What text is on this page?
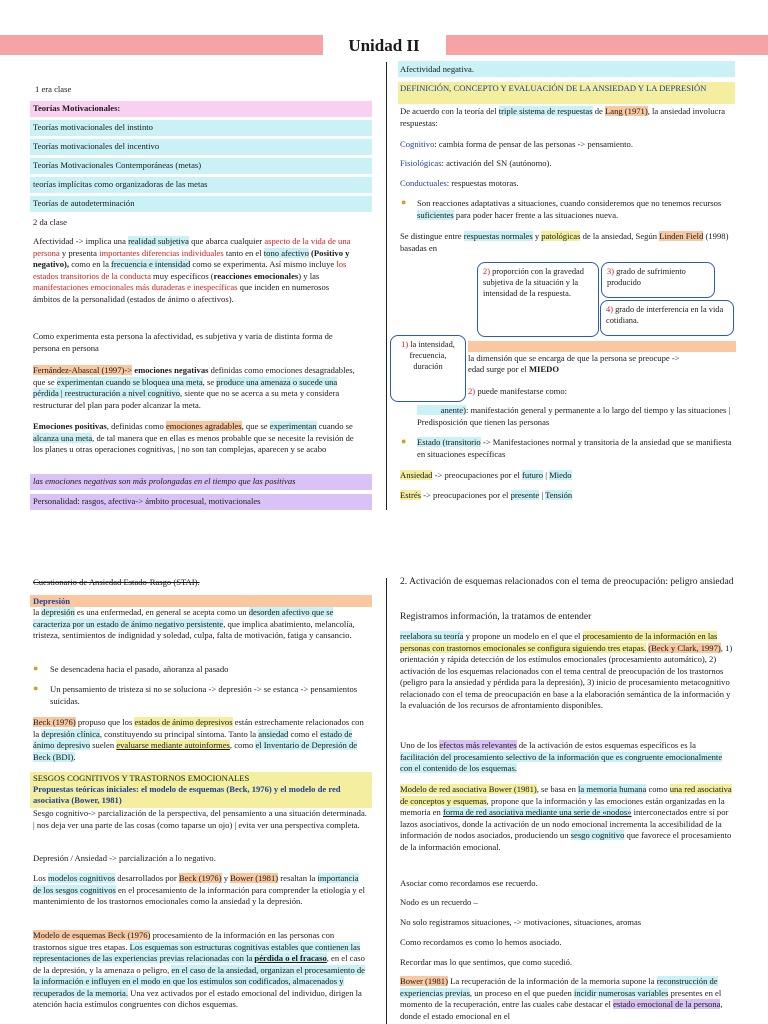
Unidad II
1 era clase
Teorías Motivacionales:
Teorías motivacionales del instinto
Teorías motivacionales del incentivo
Teorías Motivacionales Contemporáneas (metas)
teorías implícitas como organizadoras de las metas
Teorías de autodeterminación
2 da clase
Afectividad -> implica una realidad subjetiva que abarca cualquier aspecto de la vida de una persona y presenta importantes diferencias individuales tanto en el tono afectivo (Positivo y negativo), como en la frecuencia e intensidad como se experimenta. Así mismo incluye los estados transitorios de la conducta muy específicos (reacciones emocionales) y las manifestaciones emocionales más duraderas e inespecíficas que inciden en numerosos ámbitos de la personalidad (estados de ánimo o afectivos).
Como experimenta esta persona la afectividad, es subjetiva y varia de distinta forma de persona en persona
Fernández-Abascal (1997)-> emociones negativas definidas como emociones desagradables, que se experimentan cuando se bloquea una meta, se produce una amenaza o sucede una pérdida | reestructuración a nivel cognitivo, siente que no se acerca a su meta y considera restructurar del plan para poder alcanzar la meta.
Emociones positivas, definidas como emociones agradables, que se experimentan cuando se alcanza una meta, de tal manera que en ellas es menos probable que se necesite la revisión de los planes u otras operaciones cognitivas, | no son tan complejas, aparecen y se acabo
las emociones negativas son más prolongadas en el tiempo que las positivas
Personalidad: rasgos, afectiva-> ámbito procesual, motivacionales
Afectividad negativa.
DEFINICIÓN, CONCEPTO Y EVALUACIÓN DE LA ANSIEDAD Y LA DEPRESIÓN
De acuerdo con la teoría del triple sistema de respuestas de Lang (1971), la ansiedad involucra respuestas:
Cognitivo: cambia forma de pensar de las personas -> pensamiento.
Fisiológicas: activación del SN (autónomo).
Conductuales: respuestas motoras.
● Son reacciones adaptativas a situaciones, cuando consideremos que no tenemos recursos suficientes para poder hacer frente a las situaciones nueva.
Se distingue entre respuestas normales y patológicas de la ansiedad, Según Linden Field (1998) basadas en
2) proporción con la gravedad subjetiva de la situación y la intensidad de la respuesta.
3) grado de sufrimiento producido
4) grado de interferencia en la vida cotidiana.
1) la intensidad, frecuencia, duración
la dimensión que se encarga de que la persona se preocupe ->
edad surge por el MIEDO
2) puede manifestarse como:
anente): manifestación general y permanente a lo largo del tiempo y las situaciones | Predisposición que tienen las personas
● Estado (transitorio -> Manifestaciones normal y transitoria de la ansiedad que se manifiesta en situaciones específicas
Ansiedad -> preocupaciones por el futuro | Miedo
Estrés -> preocupaciones por el presente | Tensión
Cuestionario de Ansiedad Estado-Rasgo (STAI).
Depresión
la depresión es una enfermedad, en general se acepta como un desorden afectivo que se caracteriza por un estado de ánimo negativo persistente, que implica abatimiento, melancolía, tristeza, sentimientos de indignidad y soledad, culpa, falta de motivación, fatiga y cansancio.
● Se desencadena hacia el pasado, añoranza al pasado
● Un pensamiento de tristeza si no se soluciona -> depresión -> se estanca -> pensamientos suicidas.
Beck (1976) propuso que los estados de ánimo depresivos están estrechamente relacionados con la depresión clínica, constituyendo su principal síntoma. Tanto la ansiedad como el estado de ánimo depresivo suelen evaluarse mediante autoinformes, como el Inventario de Depresión de Beck (BDI).
SESGOS COGNITIVOS Y TRASTORNOS EMOCIONALES
Propuestas teóricas iniciales: el modelo de esquemas (Beck, 1976) y el modelo de red asociativa (Bower, 1981)
Sesgo cognitivo-> parcialización de la perspectiva, del pensamiento a una situación determinada. | nos deja ver una parte de las cosas (como taparse un ojo) | evita ver una perspectiva completa.
Depresión / Ansiedad -> parcialización a lo negativo.
Los modelos cognitivos desarrollados por Beck (1976) y Bower (1981) resaltan la importancia de los sesgos cognitivos en el procesamiento de la información para comprender la etiología y el mantenimiento de los trastornos emocionales como la ansiedad y la depresión.
Modelo de esquemas Beck (1976) procesamiento de la información en las personas con trastornos sigue tres etapas. Los esquemas son estructuras cognitivas estables que contienen las representaciones de las experiencias previas relacionadas con la pérdida o el fracaso, en el caso de la depresión, y la amenaza o peligro, en el caso de la ansiedad, organizan el procesamiento de la información e influyen en el modo en que los estímulos son codificados, almacenados y recuperados de la memoria. Una vez activados por el estado emocional del individuo, dirigen la atención hacia estímulos congruentes con dichos esquemas.
2. Activación de esquemas relacionados con el tema de preocupación: peligro ansiedad
Registramos información, la tratamos de entender
reelabora su teoría y propone un modelo en el que el procesamiento de la información en las personas con trastornos emocionales se configura siguiendo tres etapas. (Beck y Clark, 1997), 1) orientación y rápida detección de los estímulos emocionales (procesamiento automático), 2) activación de los esquemas relacionados con el tema central de preocupación de los trastornos (peligro para la ansiedad y pérdida para la depresión), 3) inicio de procesamiento metacognitivo relacionado con el tema de preocupación en base a la elaboración semántica de la información y la evaluación de los recursos de afrontamiento disponibles.
Uno de los efectos más relevantes de la activación de estos esquemas específicos es la facilitación del procesamiento selectivo de la información que es congruente emocionalmente con el contenido de los esquemas.
Modelo de red asociativa Bower (1981), se basa en la memoria humana como una red asociativa de conceptos y esquemas, propone que la información y las emociones están organizadas en la memoria en forma de red asociativa mediante una serie de «nodos» interconectados entre sí por lazos asociativos, donde la activación de un nodo emocional incrementa la accesibilidad de la información de nodos asociados, produciendo un sesgo cognitivo que favorece el procesamiento de la información emocional.
Asociar como recordamos ese recuerdo.
Nodo es un recuerdo –
No solo registramos situaciones, -> motivaciones, situaciones, aromas
Como recordamos es como lo hemos asociado.
Recordar mas lo que sentimos, que como sucedió.
Bower (1981) La recuperación de la información de la memoria supone la reconstrucción de experiencias previas, un proceso en el que pueden incidir numerosas variables presentes en el momento de la recuperación, entre las cuales cabe destacar el estado emocional de la persona, donde el estado emocional en el
